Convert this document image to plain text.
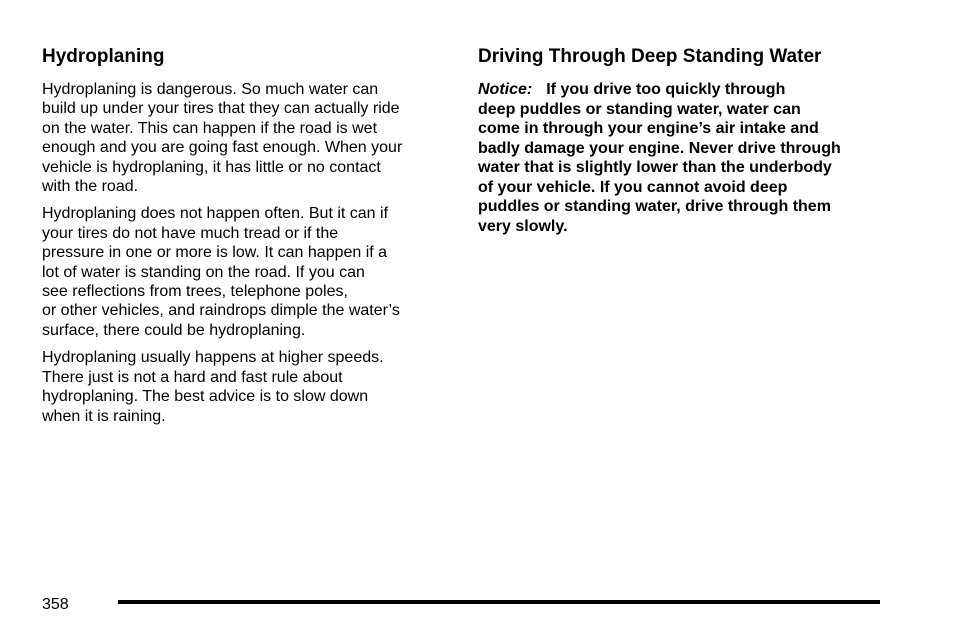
Hydroplaning
Hydroplaning is dangerous. So much water can
build up under your tires that they can actually ride
on the water. This can happen if the road is wet
enough and you are going fast enough. When your
vehicle is hydroplaning, it has little or no contact
with the road.
Hydroplaning does not happen often. But it can if
your tires do not have much tread or if the
pressure in one or more is low. It can happen if a
lot of water is standing on the road. If you can
see reflections from trees, telephone poles,
or other vehicles, and raindrops dimple the water’s
surface, there could be hydroplaning.
Hydroplaning usually happens at higher speeds.
There just is not a hard and fast rule about
hydroplaning. The best advice is to slow down
when it is raining.
Driving Through Deep Standing Water
Notice: If you drive too quickly through
deep puddles or standing water, water can
come in through your engine’s air intake and
badly damage your engine. Never drive through
water that is slightly lower than the underbody
of your vehicle. If you cannot avoid deep
puddles or standing water, drive through them
very slowly.
358
